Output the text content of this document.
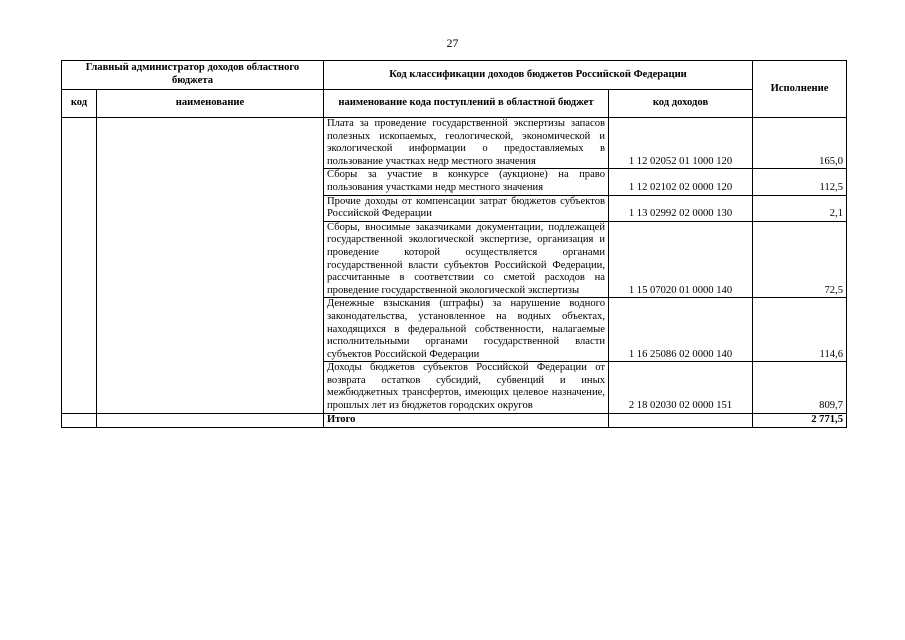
27
Главный администратор доходов областного бюджета		Код классификации доходов бюджетов Российской Федерации		Исполнение
код	наименование	наименование кода поступлений в областной бюджет	код доходов	
		Плата за проведение государственной экспертизы запасов полезных ископаемых, геологической, экономической и экологической информации о предоставляемых в пользование участках недр местного значения	1 12 02052 01 1000 120	165,0
		Сборы за участие в конкурсе (аукционе) на право пользования участками недр местного значения	1 12 02102 02 0000 120	112,5
		Прочие доходы от компенсации затрат бюджетов субъектов Российской Федерации	1 13 02992 02 0000 130	2,1
		Сборы, вносимые заказчиками документации, подлежащей государственной экологической экспертизе, организация и проведение которой осуществляется органами государственной власти субъектов Российской Федерации, рассчитанные в соответствии со сметой расходов на проведение государственной экологической экспертизы	1 15 07020 01 0000 140	72,5
		Денежные взыскания (штрафы) за нарушение водного законодательства, установленное на водных объектах, находящихся в федеральной собственности, налагаемые исполнительными органами государственной власти субъектов Российской Федерации	1 16 25086 02 0000 140	114,6
		Доходы бюджетов субъектов Российской Федерации от возврата остатков субсидий, субвенций и иных межбюджетных трансфертов, имеющих целевое назначение, прошлых лет из бюджетов городских округов	2 18 02030 02 0000 151	809,7
		Итого		2 771,5
